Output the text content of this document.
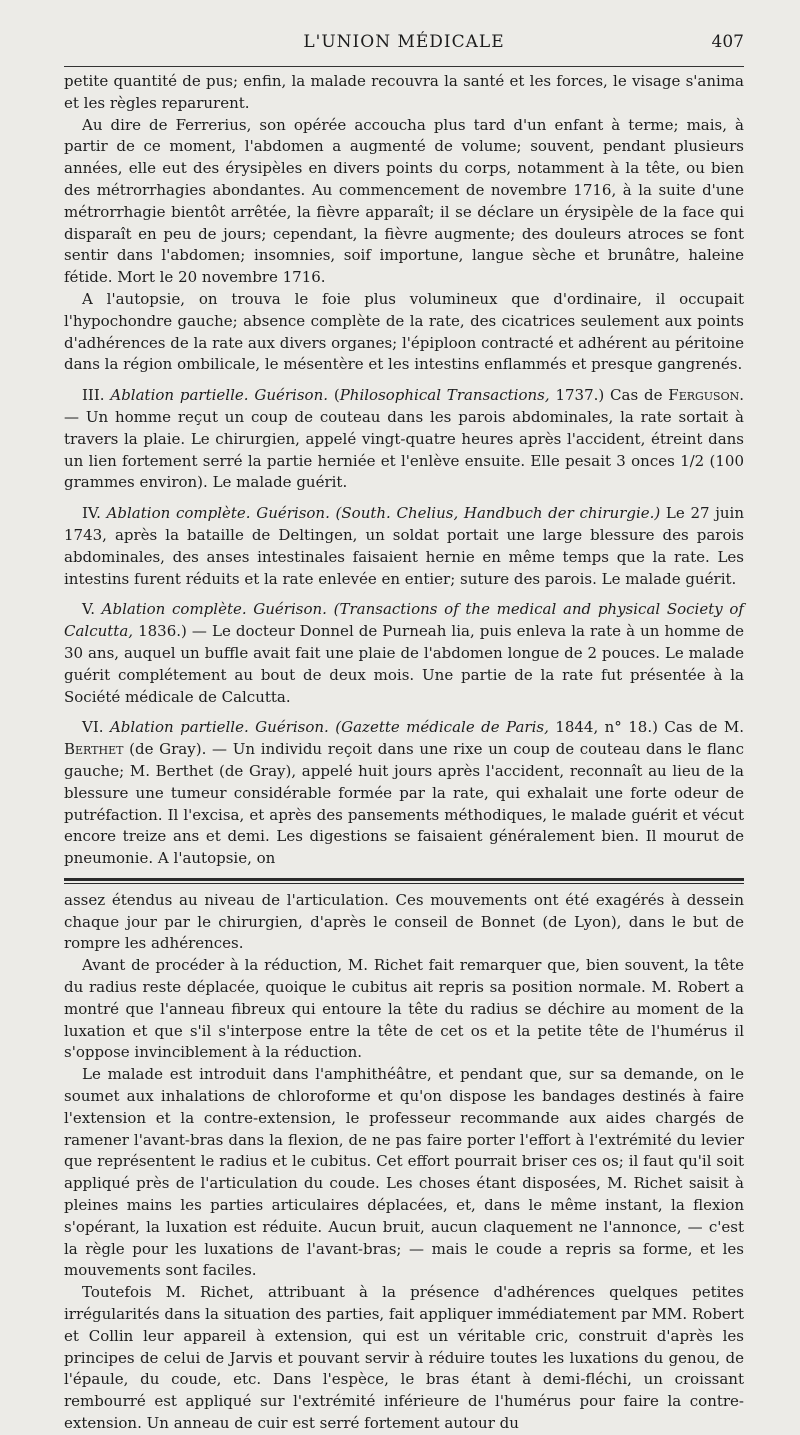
L'UNION MÉDICALE	407

petite quantité de pus; enfin, la malade recouvra la santé et les forces, le visage s'anima et les règles reparurent.

Au dire de Ferrerius, son opérée accoucha plus tard d'un enfant à terme; mais, à partir de ce moment, l'abdomen a augmenté de volume; souvent, pendant plusieurs années, elle eut des érysipèles en divers points du corps, notamment à la tête, ou bien des métrorrhagies abondantes. Au commencement de novembre 1716, à la suite d'une métrorrhagie bientôt arrêtée, la fièvre apparaît; il se déclare un érysipèle de la face qui disparaît en peu de jours; cependant, la fièvre augmente; des douleurs atroces se font sentir dans l'abdomen; insomnies, soif importune, langue sèche et brunâtre, haleine fétide. Mort le 20 novembre 1716.

A l'autopsie, on trouva le foie plus volumineux que d'ordinaire, il occupait l'hypochondre gauche; absence complète de la rate, des cicatrices seulement aux points d'adhérences de la rate aux divers organes; l'épiploon contracté et adhérent au péritoine dans la région ombilicale, le mésentère et les intestins enflammés et presque gangrenés.

III. Ablation partielle. Guérison. (Philosophical Transactions, 1737.) Cas de Ferguson. — Un homme reçut un coup de couteau dans les parois abdominales, la rate sortait à travers la plaie. Le chirurgien, appelé vingt-quatre heures après l'accident, étreint dans un lien fortement serré la partie herniée et l'enlève ensuite. Elle pesait 3 onces 1/2 (100 grammes environ). Le malade guérit.

IV. Ablation complète. Guérison. (South. Chelius, Handbuch der chirurgie.) Le 27 juin 1743, après la bataille de Deltingen, un soldat portait une large blessure des parois abdominales, des anses intestinales faisaient hernie en même temps que la rate. Les intestins furent réduits et la rate enlevée en entier; suture des parois. Le malade guérit.

V. Ablation complète. Guérison. (Transactions of the medical and physical Society of Calcutta, 1836.) — Le docteur Donnel de Purneah lia, puis enleva la rate à un homme de 30 ans, auquel un buffle avait fait une plaie de l'abdomen longue de 2 pouces. Le malade guérit complétement au bout de deux mois. Une partie de la rate fut présentée à la Société médicale de Calcutta.

VI. Ablation partielle. Guérison. (Gazette médicale de Paris, 1844, n° 18.) Cas de M. Berthet (de Gray). — Un individu reçoit dans une rixe un coup de couteau dans le flanc gauche; M. Berthet (de Gray), appelé huit jours après l'accident, reconnaît au lieu de la blessure une tumeur considérable formée par la rate, qui exhalait une forte odeur de putréfaction. Il l'excisa, et après des pansements méthodiques, le malade guérit et vécut encore treize ans et demi. Les digestions se faisaient généralement bien. Il mourut de pneumonie. A l'autopsie, on

assez étendus au niveau de l'articulation. Ces mouvements ont été exagérés à dessein chaque jour par le chirurgien, d'après le conseil de Bonnet (de Lyon), dans le but de rompre les adhérences.

Avant de procéder à la réduction, M. Richet fait remarquer que, bien souvent, la tête du radius reste déplacée, quoique le cubitus ait repris sa position normale. M. Robert a montré que l'anneau fibreux qui entoure la tête du radius se déchire au moment de la luxation et que s'il s'interpose entre la tête de cet os et la petite tête de l'humérus il s'oppose invinciblement à la réduction.

Le malade est introduit dans l'amphithéâtre, et pendant que, sur sa demande, on le soumet aux inhalations de chloroforme et qu'on dispose les bandages destinés à faire l'extension et la contre-extension, le professeur recommande aux aides chargés de ramener l'avant-bras dans la flexion, de ne pas faire porter l'effort à l'extrémité du levier que représentent le radius et le cubitus. Cet effort pourrait briser ces os; il faut qu'il soit appliqué près de l'articulation du coude. Les choses étant disposées, M. Richet saisit à pleines mains les parties articulaires déplacées, et, dans le même instant, la flexion s'opérant, la luxation est réduite. Aucun bruit, aucun claquement ne l'annonce, — c'est la règle pour les luxations de l'avant-bras; — mais le coude a repris sa forme, et les mouvements sont faciles.

Toutefois M. Richet, attribuant à la présence d'adhérences quelques petites irrégularités dans la situation des parties, fait appliquer immédiatement par MM. Robert et Collin leur appareil à extension, qui est un véritable cric, construit d'après les principes de celui de Jarvis et pouvant servir à réduire toutes les luxations du genou, de l'épaule, du coude, etc. Dans l'espèce, le bras étant à demi-fléchi, un croissant rembourré est appliqué sur l'extrémité inférieure de l'humérus pour faire la contre-extension. Un anneau de cuir est serré fortement autour du
